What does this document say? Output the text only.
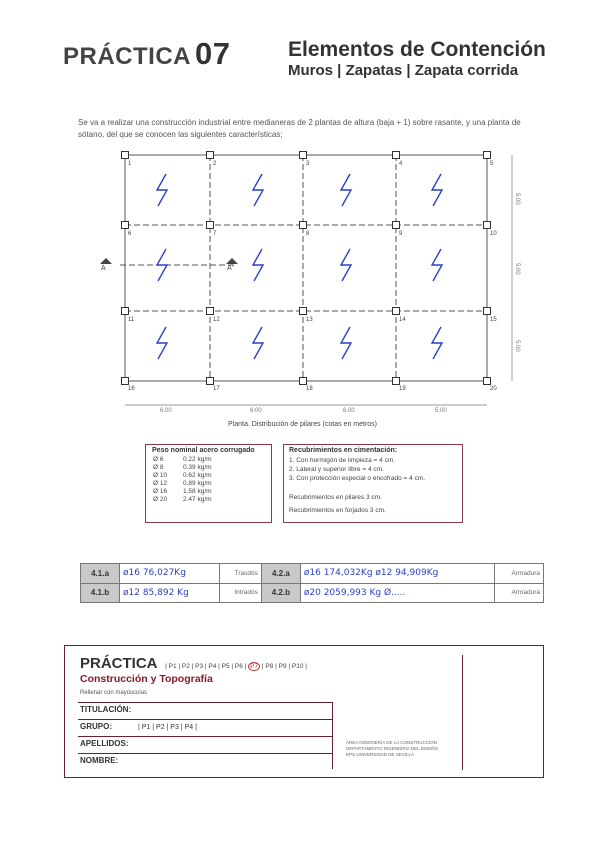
PRÁCTICA 07	Elementos de Contención
Muros | Zapatas | Zapata corrida
Se va a realizar una construcción industrial entre medianeras de 2 plantas de altura (baja + 1) sobre rasante, y una planta de sótano, del que se conocen las siguientes características;
1	2	3	4	5
6	7	8	9	10
11	12	13	14	15
16	17	18	19	20
A	A'
6.00	6.00	6.00	5.00
5.00
5.00
5.00
Planta. Distribución de pilares (cotas en metros)
Peso nominal acero corrugado
Ø 6	0.22 kg/m
Ø 8	0.39 kg/m
Ø 10	0.62 kg/m
Ø 12	0.89 kg/m
Ø 16	1.58 kg/m
Ø 20	2.47 kg/m
Recubrimientos en cimentación:
1. Con hormigón de limpieza = 4 cm.
2. Lateral y superior libre = 4 cm.
3. Con protección especial o encofrado = 4 cm.
Recubrimientos en pilares 3 cm.
Recubrimientos en forjados 3 cm.
4.1.a	ø16 76,027Kg	Trasdós	4.2.a	ø16 174,032Kg ø12 94,909Kg	Armadura
4.1.b	ø12 85,892 Kg	Intradós	4.2.b	ø20 2059,993 Kg Ø.....	Armadura
PRÁCTICA | P1 | P2 | P3 | P4 | P5 | P6 | P7 | P8 | P9 | P10 |
Construcción y Topografía
Rellenar con mayúsculas
TITULACIÓN:
GRUPO:	| P1 | P2 | P3 | P4 |
APELLIDOS:
NOMBRE:
ÁREA INGENIERÍA DE LA CONSTRUCCIÓN
DEPARTAMENTO INGENIERÍA DEL DISEÑO
EPS UNIVERSIDAD DE SEVILLA
